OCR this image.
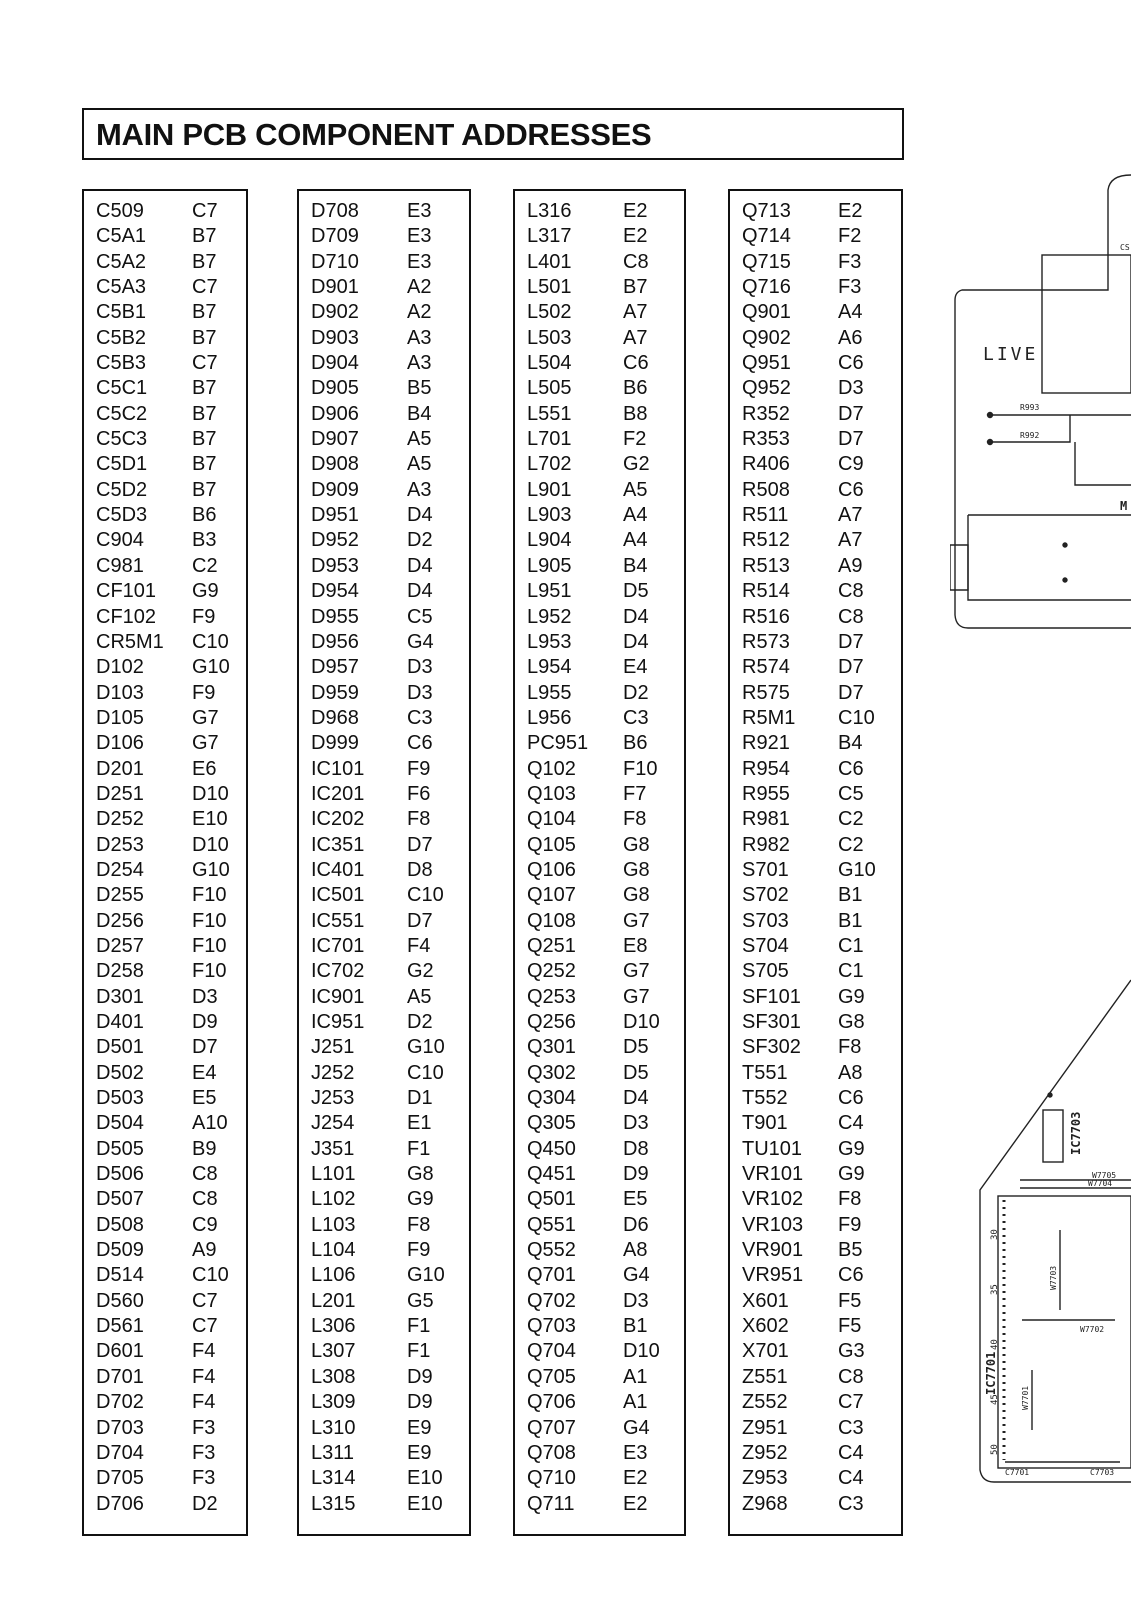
MAIN PCB COMPONENT ADDRESSES
C509 C7
C5A1 B7
C5A2 B7
C5A3 C7
C5B1 B7
C5B2 B7
C5B3 C7
C5C1 B7
C5C2 B7
C5C3 B7
C5D1 B7
C5D2 B7
C5D3 B6
C904 B3
C981 C2
CF101 G9
CF102 F9
CR5M1 C10
D102 G10
D103 F9
D105 G7
D106 G7
D201 E6
D251 D10
D252 E10
D253 D10
D254 G10
D255 F10
D256 F10
D257 F10
D258 F10
D301 D3
D401 D9
D501 D7
D502 E4
D503 E5
D504 A10
D505 B9
D506 C8
D507 C8
D508 C9
D509 A9
D514 C10
D560 C7
D561 C7
D601 F4
D701 F4
D702 F4
D703 F3
D704 F3
D705 F3
D706 D2
D708 E3
D709 E3
D710 E3
D901 A2
D902 A2
D903 A3
D904 A3
D905 B5
D906 B4
D907 A5
D908 A5
D909 A3
D951 D4
D952 D2
D953 D4
D954 D4
D955 C5
D956 G4
D957 D3
D959 D3
D968 C3
D999 C6
IC101 F9
IC201 F6
IC202 F8
IC351 D7
IC401 D8
IC501 C10
IC551 D7
IC701 F4
IC702 G2
IC901 A5
IC951 D2
J251	G10
J252	C10
J253	D1
J254	E1
J351	F1
L101	G8
L102	G9
L103	F8
L104	F9
L106	G10
L201	G5
L306	F1
L307	F1
L308	D9
L309	D9
L310	E9
L311	E9
L314	E10
L315	E10
L316	E2
L317	E2
L401	C8
L501	B7
L502	A7
L503	A7
L504	C6
L505	B6
L551	B8
L701	F2
L702	G2
L901	A5
L903	A4
L904	A4
L905	B4
L951	D5
L952	D4
L953	D4
L954	E4
L955	D2
L956	C3
PC951 B6
Q102 F10
Q103 F7
Q104 F8
Q105 G8
Q106 G8
Q107 G8
Q108 G7
Q251 E8
Q252 G7
Q253 G7
Q256 D10
Q301 D5
Q302 D5
Q304 D4
Q305 D3
Q450 D8
Q451 D9
Q501 E5
Q551 D6
Q552 A8
Q701 G4
Q702 D3
Q703 B1
Q704 D10
Q705 A1
Q706 A1
Q707 G4
Q708 E3
Q710 E2
Q711 E2
Q713 E2
Q714 F2
Q715 F3
Q716 F3
Q901 A4
Q902 A6
Q951 C6
Q952 D3
R352 D7
R353 D7
R406 C9
R508 C6
R511 A7
R512 A7
R513 A9
R514 C8
R516 C8
R573 D7
R574 D7
R575 D7
R5M1 C10
R921 B4
R954 C6
R955 C5
R981 C2
R982 C2
S701 G10
S702 B1
S703 B1
S704 C1
S705 C1
SF101 G9
SF301 G8
SF302 F8
T551	A8
T552	C6
T901	C4
TU101 G9
VR101 G9
VR102 F8
VR103 F9
VR901 B5
VR951 C6
X601 F5
X602 F5
X701 G3
Z551	C8
Z552	C7
Z951	C3
Z952	C4
Z953	C4
Z968	C3
LIVE
R993
R992
M
CS
IC7703
W7705
W7704
IC7701
W7703
W7702
W7701
C7701	C7703
30
35
40
45
50
